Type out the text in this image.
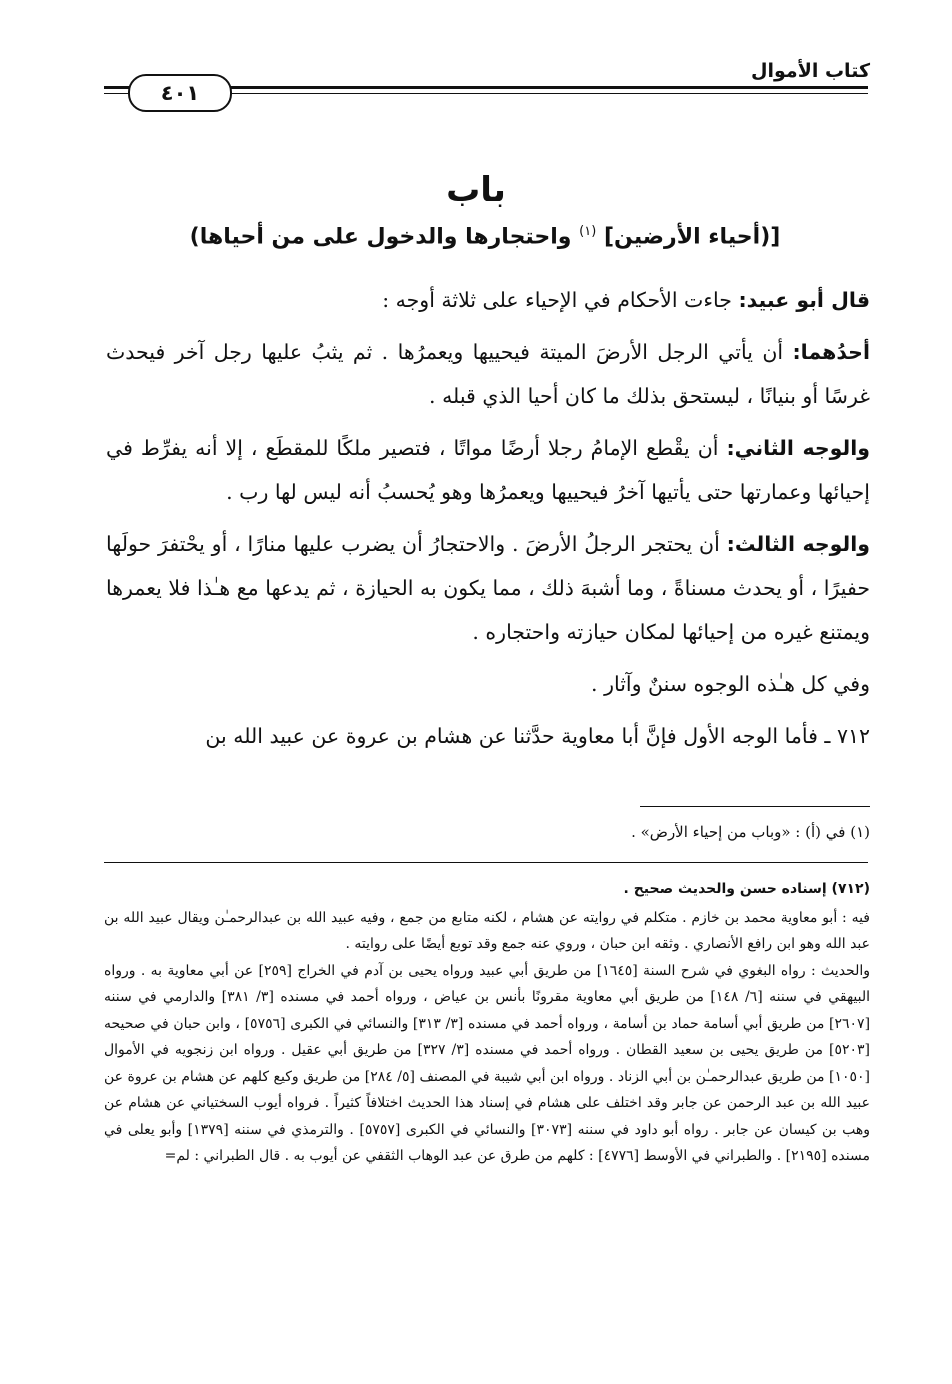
كتاب الأموال
٤٠١
باب
[(أحياء الأرضين] $^{(١)}$ واحتجارها والدخول على من أحياها)

قال أبو عبيد: جاءت الأحكام في الإحياء على ثلاثة أوجه :

أحدُهما: أن يأتي الرجل الأرضَ الميتة فيحييها ويعمرُها . ثم يثبُ عليها رجل آخر فيحدث غرسًا أو بنيانًا ، ليستحق بذلك ما كان أحيا الذي قبله .

والوجه الثاني: أن يقْطع الإمامُ رجلا أرضًا مواتًا ، فتصير ملكًا للمقطَع ، إلا أنه يفرِّط في إحيائها وعمارتها حتى يأتيها آخرُ فيحييها ويعمرُها وهو يُحسبُ أنه ليس لها رب .

والوجه الثالث: أن يحتجر الرجلُ الأرضَ . والاحتجارُ أن يضرب عليها منارًا ، أو يحْتفرَ حولَها حفيرًا ، أو يحدث مسناةً ، وما أشبهَ ذلك ، مما يكون به الحيازة ، ثم يدعها مع هـٰذا فلا يعمرها ويمتنع غيره من إحيائها لمكان حيازته واحتجاره .

وفي كل هـٰذه الوجوه سننٌ وآثار .

٧١٢ ـ فأما الوجه الأول فإنَّ أبا معاوية حدَّثنا عن هشام بن عروة عن عبيد الله بن

(١) في (أ) : «وباب من إحياء الأرض» .

(٧١٢) إسناده حسن والحديث صحيح .

فيه : أبو معاوية محمد بن خازم . متكلم في روايته عن هشام ، لكنه متابع من جمع ، وفيه عبيد الله بن عبدالرحمـٰن ويقال عبيد الله بن عبد الله وهو ابن رافع الأنصاري . وثقه ابن حبان ، وروي عنه جمع وقد توبع أيضًا على روايته .

والحديث : رواه البغوي في شرح السنة [١٦٤٥] من طريق أبي عبيد ورواه يحيى بن آدم في الخراج [٢٥٩] عن أبي معاوية به . ورواه البيهقي في سننه [٦/ ١٤٨] من طريق أبي معاوية مقرونًا بأنس بن عياض ، ورواه أحمد في مسنده [٣/ ٣٨١] والدارمي في سننه [٢٦٠٧] من طريق أبي أسامة حماد بن أسامة ، ورواه أحمد في مسنده [٣/ ٣١٣] والنسائي في الكبرى [٥٧٥٦] ، وابن حبان في صحيحه [٥٢٠٣] من طريق يحيى بن سعيد القطان . ورواه أحمد في مسنده [٣/ ٣٢٧] من طريق أبي عقيل . ورواه ابن زنجويه في الأموال [١٠٥٠] من طريق عبدالرحمـٰن بن أبي الزناد . ورواه ابن أبي شيبة في المصنف [٥/ ٢٨٤] من طريق وكيع كلهم عن هشام بن عروة عن عبيد الله بن عبد الرحمن عن جابر وقد اختلف على هشام في إسناد هذا الحديث اختلافاً كثيراً . فرواه أيوب السختياني عن هشام عن وهب بن كيسان عن جابر . رواه أبو داود في سننه [٣٠٧٣] والنسائي في الكبرى [٥٧٥٧] . والترمذي في سننه [١٣٧٩] وأبو يعلى في مسنده [٢١٩٥] . والطبراني في الأوسط [٤٧٧٦] : كلهم من طرق عن عبد الوهاب الثقفي عن أيوب به . قال الطبراني : لم=
